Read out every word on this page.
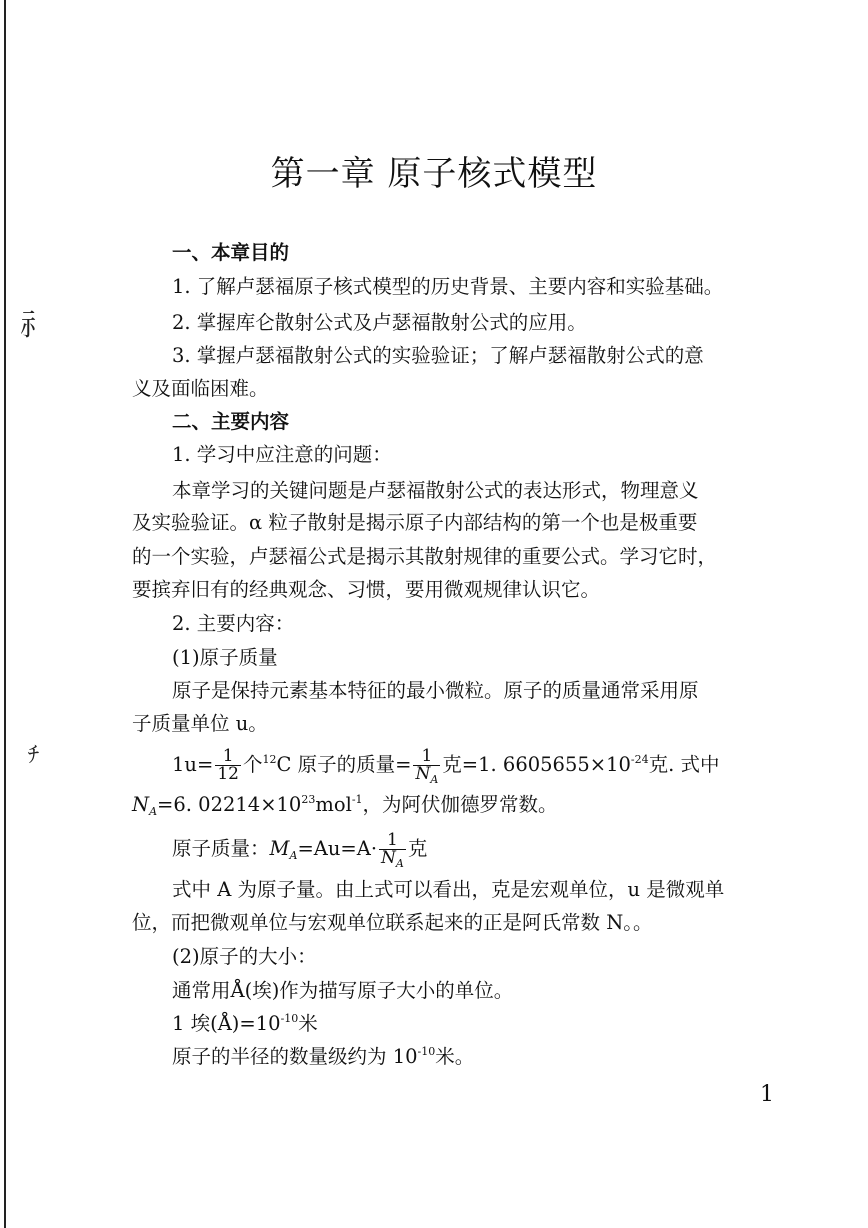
⺬
ﾁ
第一章 原子核式模型
一、本章目的
1. 了解卢瑟福原子核式模型的历史背景、主要内容和实验基础。
2. 掌握库仑散射公式及卢瑟福散射公式的应用。
3. 掌握卢瑟福散射公式的实验验证；了解卢瑟福散射公式的意
义及面临困难。
二、主要内容
1. 学习中应注意的问题：
本章学习的关键问题是卢瑟福散射公式的表达形式，物理意义
及实验验证。α 粒子散射是揭示原子内部结构的第一个也是极重要
的一个实验，卢瑟福公式是揭示其散射规律的重要公式。学习它时，
要摈弃旧有的经典观念、习惯，要用微观规律认识它。
2. 主要内容：
(1)原子质量
原子是保持元素基本特征的最小微粒。原子的质量通常采用原
子质量单位 u。
$1u= \frac{1}{12}$ 个$^{12}$C 原子的质量= $\frac{1}{N_A}$ 克=1. $6605655\times 10^{-24}$克. 式中
$N_A=6$. $02214\times 10^{23}mol^{-1}$，为阿伏伽德罗常数。
原子质量：$M_A=Au=A\cdot \frac{1}{N_A}$ 克
式中 A 为原子量。由上式可以看出，克是宏观单位，u 是微观单
位，而把微观单位与宏观单位联系起来的正是阿氏常数 N。。
(2)原子的大小：
通常用Å(埃)作为描写原子大小的单位。
1 埃$(Å)=10^{-10}$米
原子的半径的数量级约为 $10^{-10}$米。
1
